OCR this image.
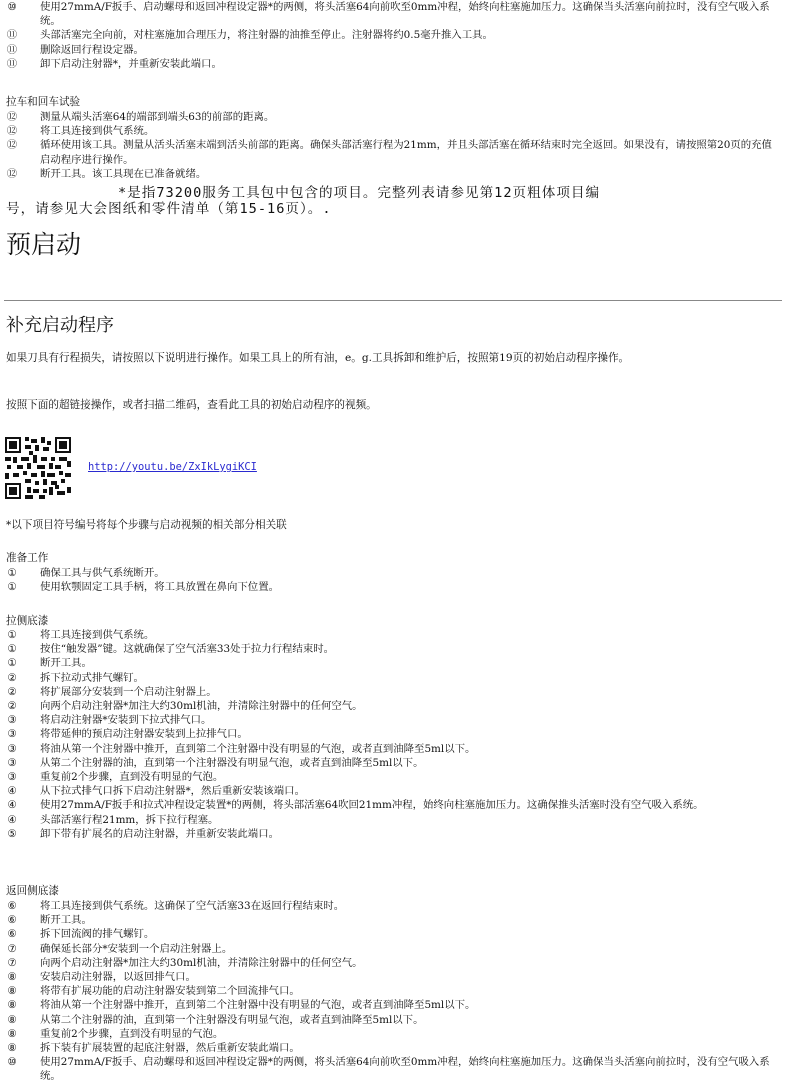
⑩	使用27mmA/F扳手、启动螺母和返回冲程设定器*的两侧，将头活塞64向前吹至0mm冲程，始终向柱塞施加压力。这确保当头活塞向前拉时，没有空气吸入系统。
⑪ 头部活塞完全向前，对柱塞施加合理压力，将注射器的油推至停止。注射器将约0.5毫升推入工具。
⑪ 删除返回行程设定器。
⑪ 卸下启动注射器*，并重新安装此端口。
拉车和回车试验
⑫ 测量从端头活塞64的端部到端头63的前部的距离。
⑫ 将工具连接到供气系统。
⑫ 循环使用该工具。测量从活头活塞末端到活头前部的距离。确保头部活塞行程为21mm，并且头部活塞在循环结束时完全返回。如果没有，请按照第20页的充值启动程序进行操作。
⑫ 断开工具。该工具现在已准备就绪。
*是指73200服务工具包中包含的项目。完整列表请参见第12页粗体项目编
号，请参见大会图纸和零件清单（第15-16页）。.
预启动
补充启动程序

如果刀具有行程损失，请按照以下说明进行操作。如果工具上的所有油，e。g.工具拆卸和维护后，按照第19页的初始启动程序操作。

按照下面的超链接操作，或者扫描二维码，查看此工具的初始启动程序的视频。

http://youtu.be/ZxIkLygiKCI

*以下项目符号编号将每个步骤与启动视频的相关部分相关联

准备工作
①	确保工具与供气系统断开。
①	使用软颚固定工具手柄，将工具放置在鼻向下位置。
拉侧底漆
①	将工具连接到供气系统。
①	按住“触发器”键。这就确保了空气活塞33处于拉力行程结束时。
①	断开工具。
②	拆下拉动式排气螺钉。
②	将扩展部分安装到一个启动注射器上。
②	向两个启动注射器*加注大约30ml机油，并清除注射器中的任何空气。
③	将启动注射器*安装到下拉式排气口。
③	将带延伸的预启动注射器安装到上拉排气口。
③	将油从第一个注射器中推开，直到第二个注射器中没有明显的气泡，或者直到油降至5ml以下。
③	从第二个注射器的油，直到第一个注射器没有明显气泡，或者直到油降至5ml以下。
③	重复前2个步骤，直到没有明显的气泡。
④	从下拉式排气口拆下启动注射器*，然后重新安装该端口。
④	使用27mmA/F扳手和拉式冲程设定装置*的两侧，将头部活塞64吹回21mm冲程，始终向柱塞施加压力。这确保推头活塞时没有空气吸入系统。
④	头部活塞行程21mm，拆下拉行程塞。
⑤	卸下带有扩展名的启动注射器，并重新安装此端口。
返回侧底漆
⑥	将工具连接到供气系统。这确保了空气活塞33在返回行程结束时。
⑥	断开工具。
⑥	拆下回流阀的排气螺钉。
⑦	确保延长部分*安装到一个启动注射器上。
⑦	向两个启动注射器*加注大约30ml机油，并清除注射器中的任何空气。
⑧	安装启动注射器，以返回排气口。
⑧	将带有扩展功能的启动注射器安装到第二个回流排气口。
⑧	将油从第一个注射器中推开，直到第二个注射器中没有明显的气泡，或者直到油降至5ml以下。
⑧	从第二个注射器的油，直到第一个注射器没有明显气泡，或者直到油降至5ml以下。
⑧	重复前2个步骤，直到没有明显的气泡。
⑧	拆下装有扩展装置的起底注射器，然后重新安装此端口。
⑩	使用27mmA/F扳手、启动螺母和返回冲程设定器*的两侧，将头活塞64向前吹至0mm冲程，始终向柱塞施加压力。这确保当头活塞向前拉时，没有空气吸入系统。
